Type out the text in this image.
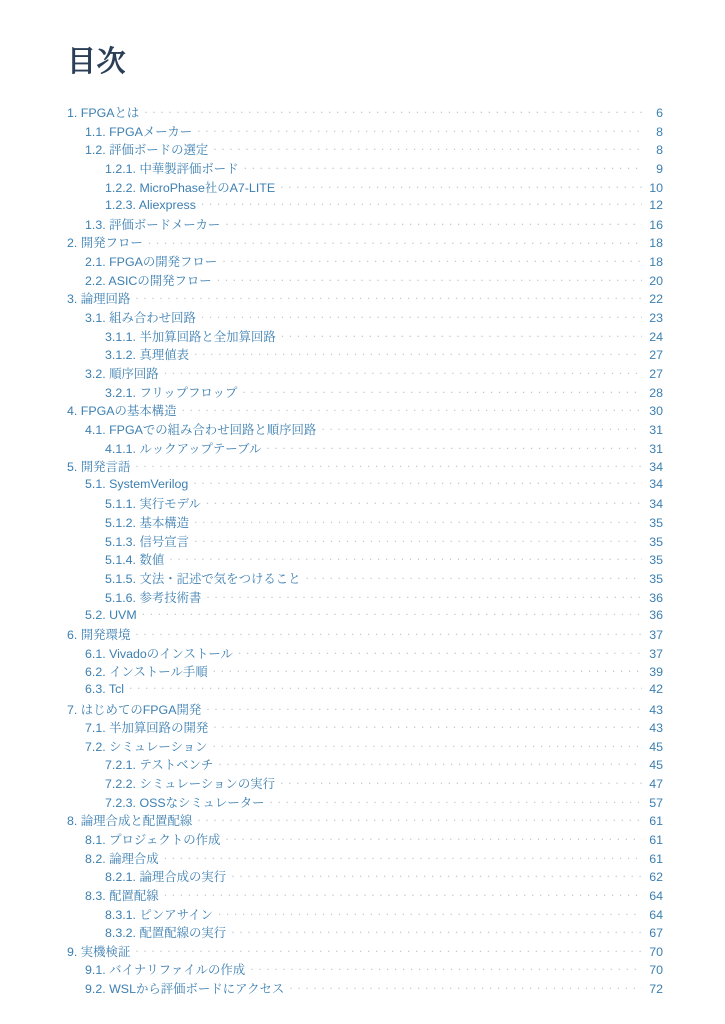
目次
1. FPGAとは . . .	6
1.1. FPGAメーカー . . .	8
1.2. 評価ボードの選定 . . .	8
1.2.1. 中華製評価ボード . . .	9
1.2.2. MicroPhase社のA7-LITE . . .	10
1.2.3. Aliexpress . . .	12
1.3. 評価ボードメーカー . . .	16
2. 開発フロー . . .	18
2.1. FPGAの開発フロー . . .	18
2.2. ASICの開発フロー . . .	20
3. 論理回路 . . .	22
3.1. 組み合わせ回路 . . .	23
3.1.1. 半加算回路と全加算回路 . . .	24
3.1.2. 真理値表 . . .	27
3.2. 順序回路 . . .	27
3.2.1. フリップフロップ . . .	28
4. FPGAの基本構造 . . .	30
4.1. FPGAでの組み合わせ回路と順序回路 . . .	31
4.1.1. ルックアップテーブル . . .	31
5. 開発言語 . . .	34
5.1. SystemVerilog . . .	34
5.1.1. 実行モデル . . .	34
5.1.2. 基本構造 . . .	35
5.1.3. 信号宣言 . . .	35
5.1.4. 数値 . . .	35
5.1.5. 文法・記述で気をつけること . . .	35
5.1.6. 参考技術書 . . .	36
5.2. UVM . . .	36
6. 開発環境 . . .	37
6.1. Vivadoのインストール . . .	37
6.2. インストール手順 . . .	39
6.3. Tcl . . .	42
7. はじめてのFPGA開発 . . .	43
7.1. 半加算回路の開発 . . .	43
7.2. シミュレーション . . .	45
7.2.1. テストベンチ . . .	45
7.2.2. シミュレーションの実行 . . .	47
7.2.3. OSSなシミュレーター . . .	57
8. 論理合成と配置配線 . . .	61
8.1. プロジェクトの作成 . . .	61
8.2. 論理合成 . . .	61
8.2.1. 論理合成の実行 . . .	62
8.3. 配置配線 . . .	64
8.3.1. ピンアサイン . . .	64
8.3.2. 配置配線の実行 . . .	67
9. 実機検証 . . .	70
9.1. バイナリファイルの作成 . . .	70
9.2. WSLから評価ボードにアクセス . . .	72
